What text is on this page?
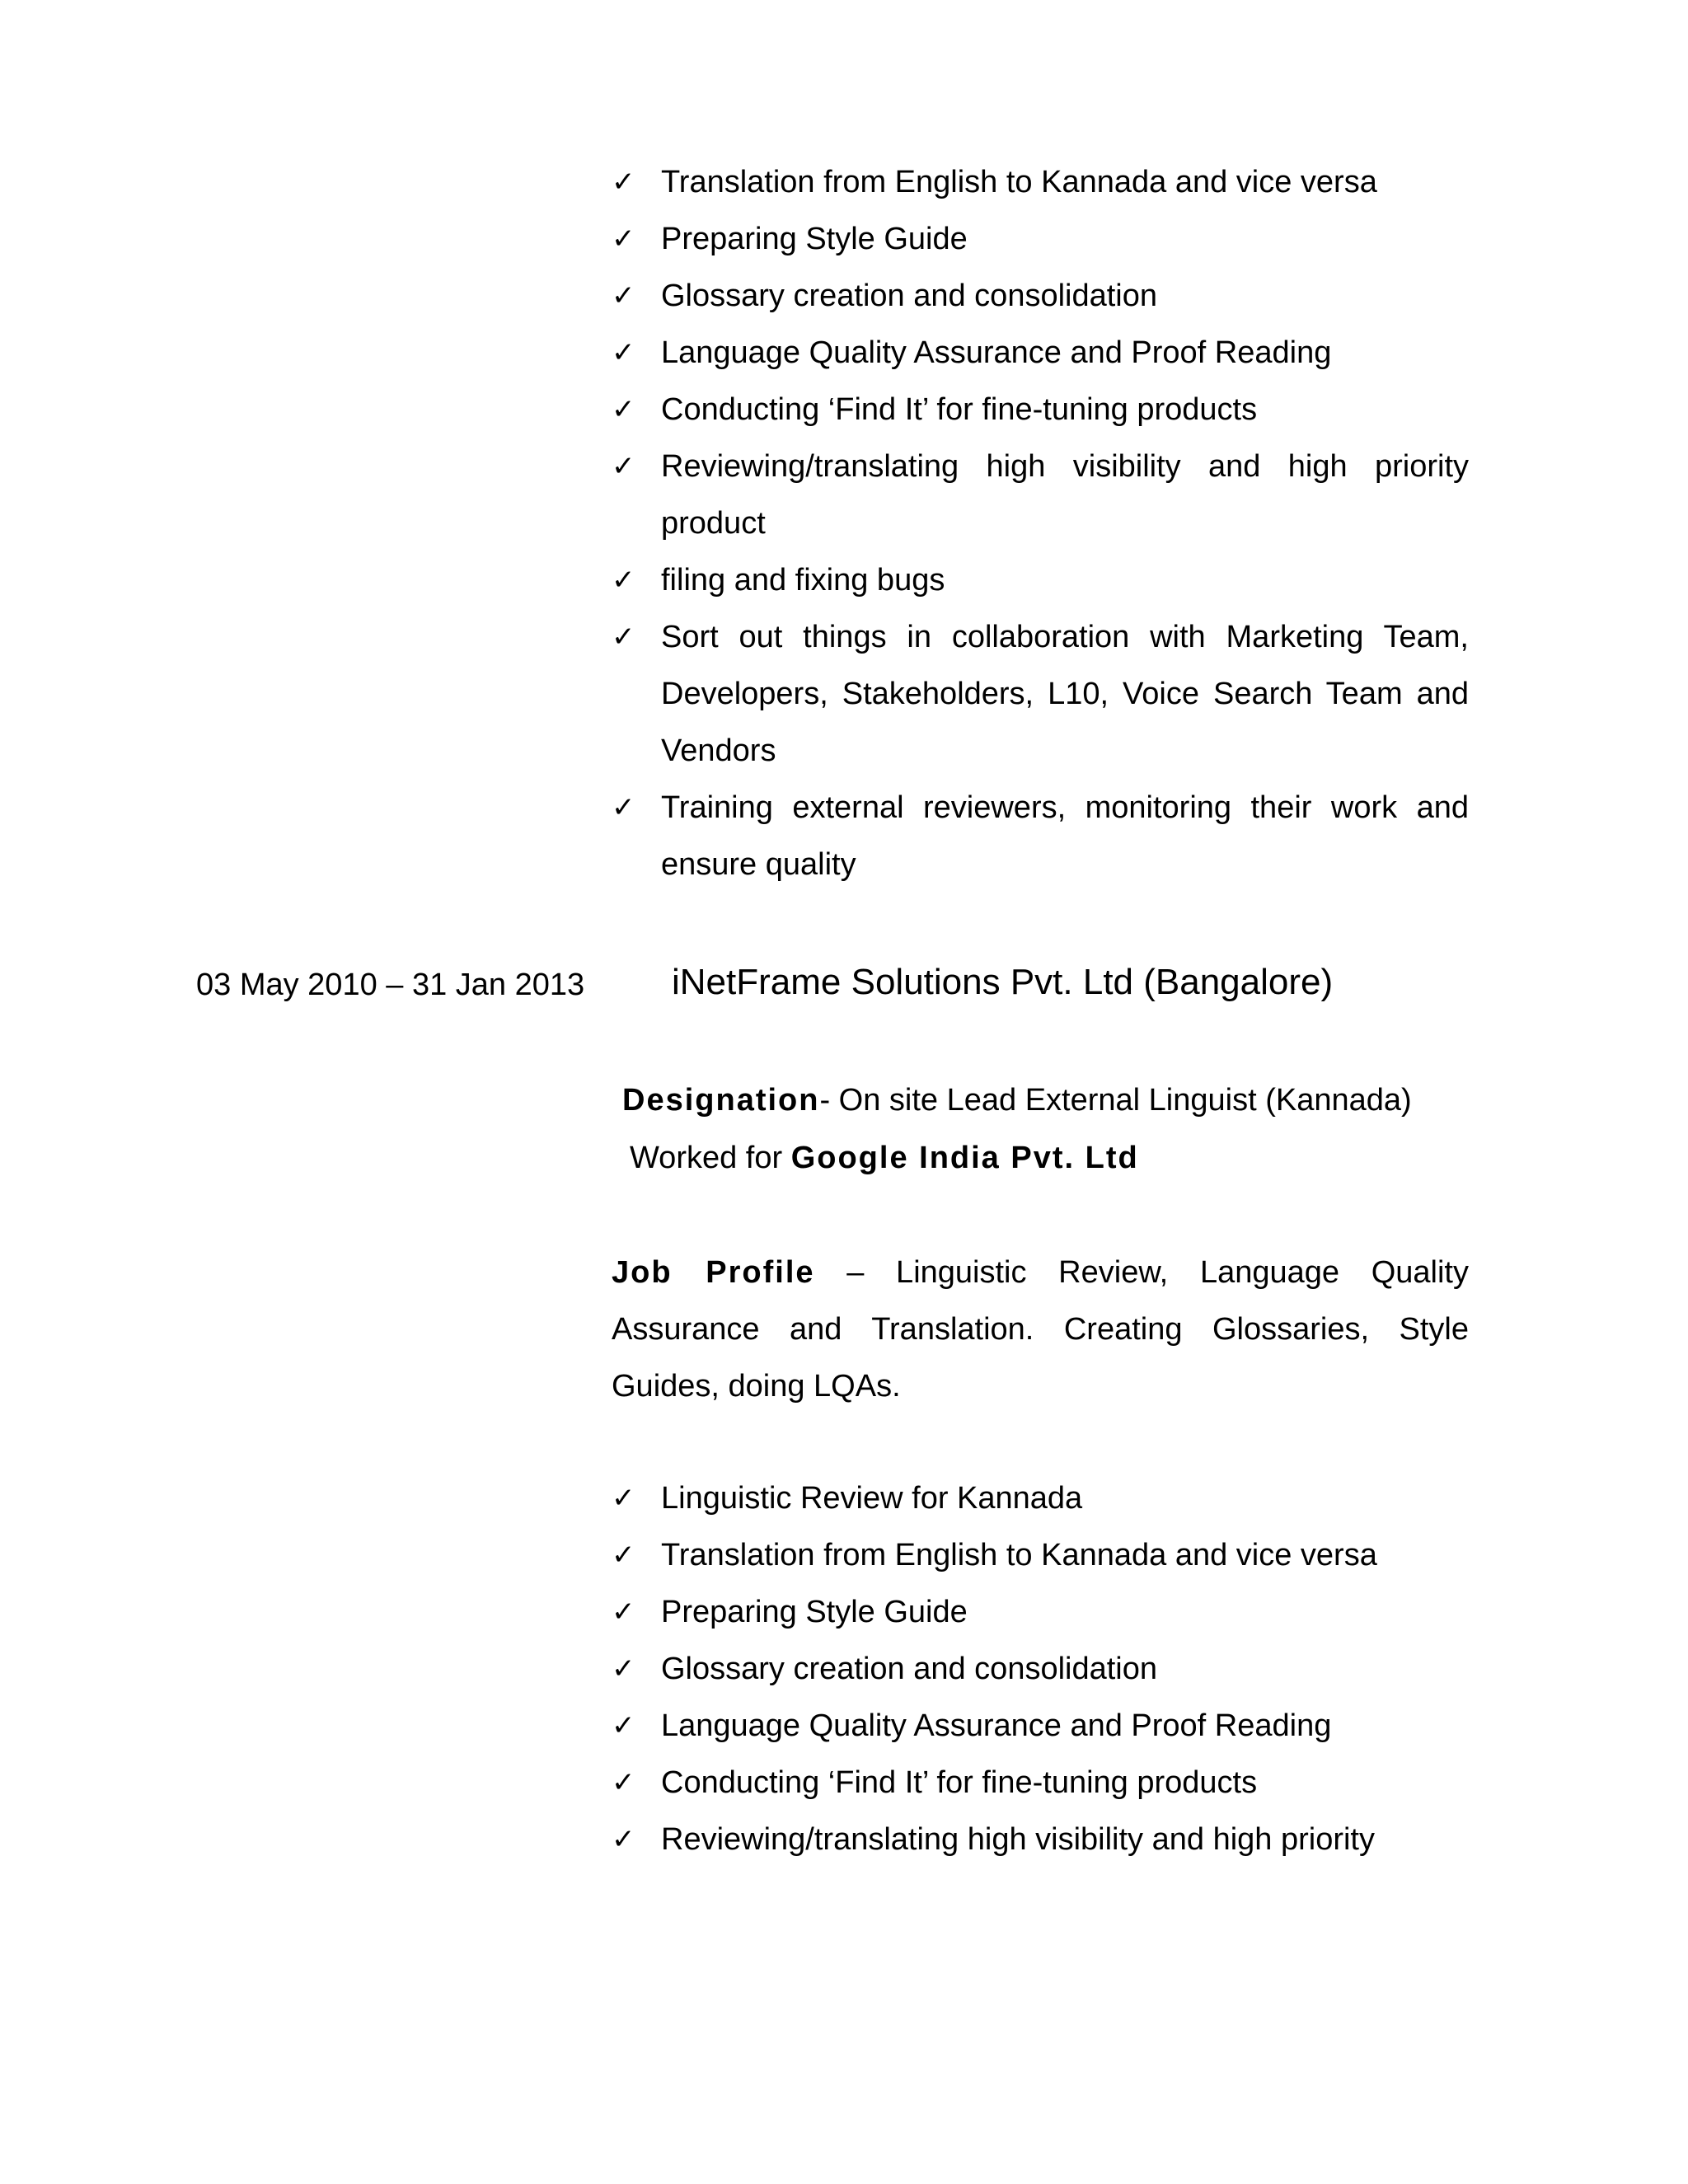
✓ Translation from English to Kannada and vice versa
✓ Preparing Style Guide
✓ Glossary creation and consolidation
✓ Language Quality Assurance and Proof Reading
✓ Conducting ‘Find It’ for fine-tuning products
✓ Reviewing/translating high visibility and high priority product
✓ filing and fixing bugs
✓ Sort out things in collaboration with Marketing Team, Developers, Stakeholders, L10, Voice Search Team and Vendors
✓ Training external reviewers, monitoring their work and ensure quality
03 May 2010 – 31 Jan 2013 iNetFrame Solutions Pvt. Ltd (Bangalore)
Designation- On site Lead External Linguist (Kannada)
Worked for Google India Pvt. Ltd
Job Profile – Linguistic Review, Language Quality Assurance and Translation. Creating Glossaries, Style Guides, doing LQAs.
✓ Linguistic Review for Kannada
✓ Translation from English to Kannada and vice versa
✓ Preparing Style Guide
✓ Glossary creation and consolidation
✓ Language Quality Assurance and Proof Reading
✓ Conducting ‘Find It’ for fine-tuning products
✓ Reviewing/translating high visibility and high priority
